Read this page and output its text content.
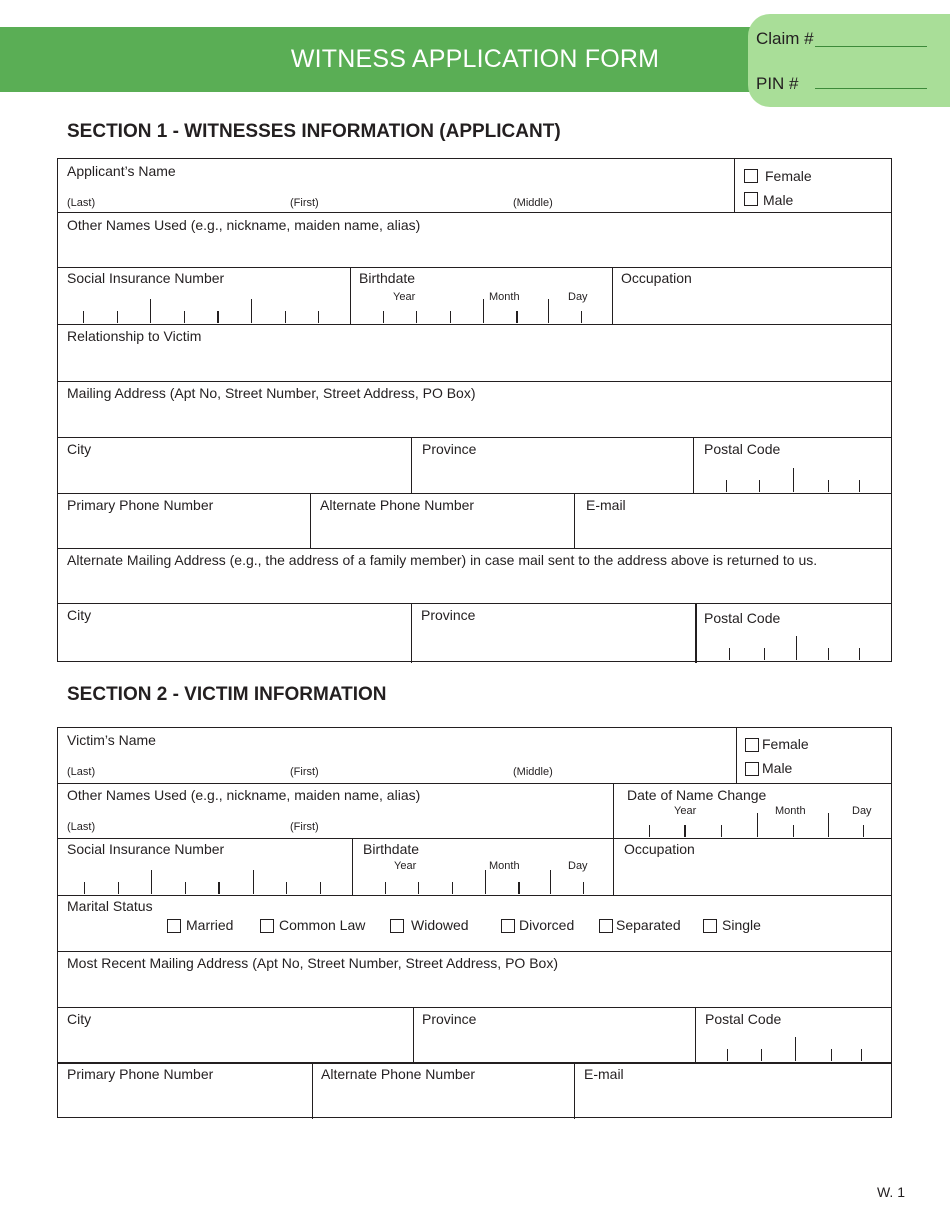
WITNESS APPLICATION FORM
Claim #
PIN #
SECTION 1 - WITNESSES INFORMATION (APPLICANT)
Applicant’s Name
(Last)	(First)	(Middle)
Female
Male
Other Names Used (e.g., nickname, maiden name, alias)
Social Insurance Number	Birthdate
Year	Month	Day
Occupation
Relationship to Victim
Mailing Address (Apt No, Street Number, Street Address, PO Box)
City	Province	Postal Code
Primary Phone Number	Alternate Phone Number	E-mail
Alternate Mailing Address (e.g., the address of a family member) in case mail sent to the address above is returned to us.
City	Province	Postal Code
SECTION 2 - VICTIM INFORMATION
Victim’s Name
(Last)	(First)	(Middle)
Female
Male
Other Names Used (e.g., nickname, maiden name, alias)
(Last)	(First)
Date of Name Change
Year	Month	Day
Social Insurance Number	Birthdate
Year	Month	Day
Occupation
Marital Status
Married	Common Law	Widowed	Divorced	Separated	Single
Most Recent Mailing Address (Apt No, Street Number, Street Address, PO Box)
City	Province	Postal Code
Primary Phone Number	Alternate Phone Number	E-mail
W. 1
